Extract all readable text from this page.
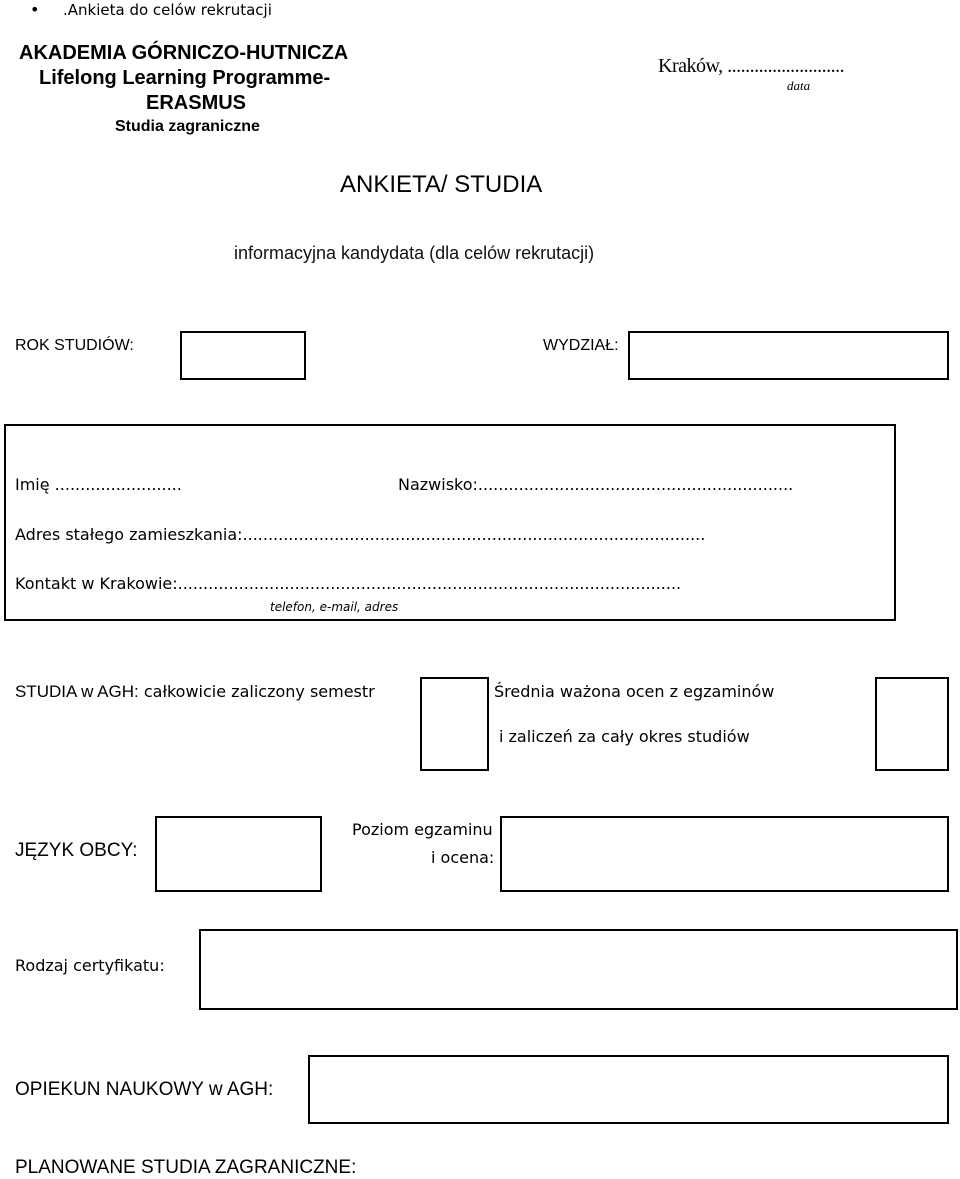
• .Ankieta do celów rekrutacji
AKADEMIA GÓRNICZO-HUTNICZA
Lifelong Learning Programme-
ERASMUS
Studia zagraniczne
Kraków, ..........................
data
ANKIETA/ STUDIA
informacyjna kandydata (dla celów rekrutacji)
ROK STUDIÓW:	WYDZIAŁ:
Imię .........................	Nazwisko:..............................................................
Adres stałego zamieszkania:...........................................................................................
Kontakt w Krakowie:...................................................................................................
telefon, e-mail, adres
STUDIA w AGH: całkowicie zaliczony semestr	Średnia ważona ocen z egzaminów
i zaliczeń za cały okres studiów
JĘZYK OBCY:
Poziom egzaminu
i ocena:
Rodzaj certyfikatu:
OPIEKUN NAUKOWY w AGH:
PLANOWANE STUDIA ZAGRANICZNE:
